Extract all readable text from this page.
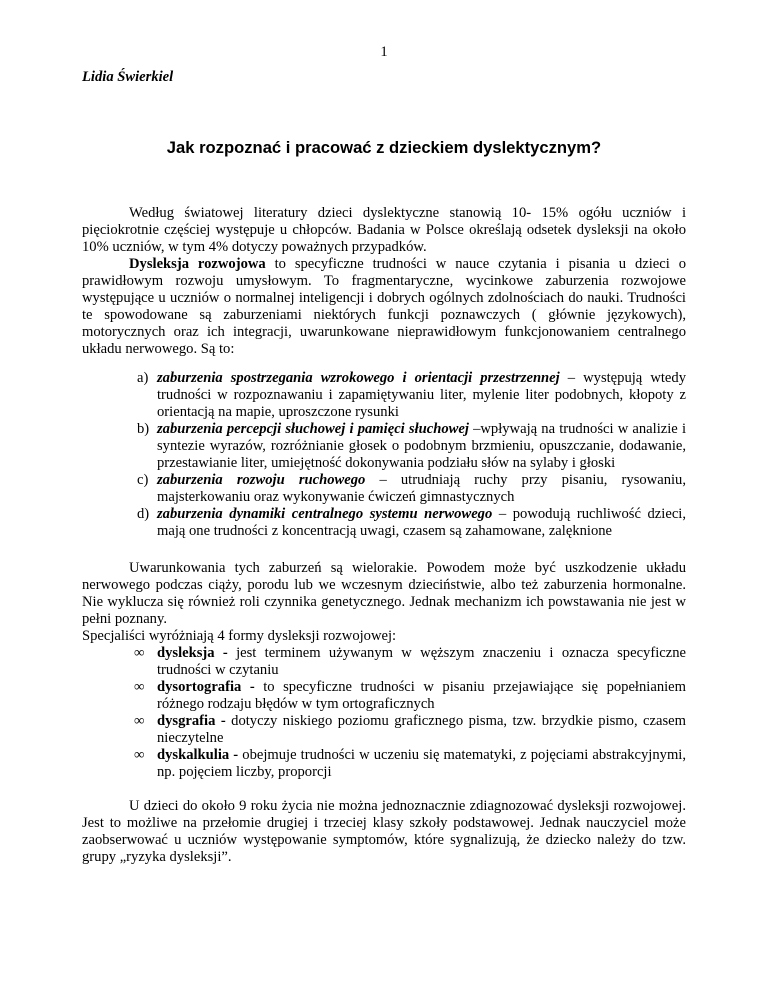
1
Lidia Świerkiel
Jak rozpoznać i pracować z dzieckiem dyslektycznym?

Według światowej literatury dzieci dyslektyczne stanowią 10- 15% ogółu uczniów i pięciokrotnie częściej występuje u chłopców. Badania w Polsce określają odsetek dysleksji na około 10% uczniów, w tym 4% dotyczy poważnych przypadków.

Dysleksja rozwojowa to specyficzne trudności w nauce czytania i pisania u dzieci o prawidłowym rozwoju umysłowym. To fragmentaryczne, wycinkowe zaburzenia rozwojowe występujące u uczniów o normalnej inteligencji i dobrych ogólnych zdolnościach do nauki. Trudności te spowodowane są zaburzeniami niektórych funkcji poznawczych ( głównie językowych), motorycznych oraz ich integracji, uwarunkowane nieprawidłowym funkcjonowaniem centralnego układu nerwowego. Są to:

a) zaburzenia spostrzegania wzrokowego i orientacji przestrzennej – występują wtedy trudności w rozpoznawaniu i zapamiętywaniu liter, mylenie liter podobnych, kłopoty z orientacją na mapie, uproszczone rysunki
b) zaburzenia percepcji słuchowej i pamięci słuchowej –wpływają na trudności w analizie i syntezie wyrazów, rozróżnianie głosek o podobnym brzmieniu, opuszczanie, dodawanie, przestawianie liter, umiejętność dokonywania podziału słów na sylaby i głoski
c) zaburzenia rozwoju ruchowego – utrudniają ruchy przy pisaniu, rysowaniu, majsterkowaniu oraz wykonywanie ćwiczeń gimnastycznych
d) zaburzenia dynamiki centralnego systemu nerwowego – powodują ruchliwość dzieci, mają one trudności z koncentracją uwagi, czasem są zahamowane, zalęknione

Uwarunkowania tych zaburzeń są wielorakie. Powodem może być uszkodzenie układu nerwowego podczas ciąży, porodu lub we wczesnym dzieciństwie, albo też zaburzenia hormonalne. Nie wyklucza się również roli czynnika genetycznego. Jednak mechanizm ich powstawania nie jest w pełni poznany.

Specjaliści wyróżniają 4 formy dysleksji rozwojowej:

∞ dysleksja - jest terminem używanym w węższym znaczeniu i oznacza specyficzne trudności w czytaniu
∞ dysortografia - to specyficzne trudności w pisaniu przejawiające się popełnianiem różnego rodzaju błędów w tym ortograficznych
∞ dysgrafia - dotyczy niskiego poziomu graficznego pisma, tzw. brzydkie pismo, czasem nieczytelne
∞ dyskalkulia - obejmuje trudności w uczeniu się matematyki, z pojęciami abstrakcyjnymi, np. pojęciem liczby, proporcji

U dzieci do około 9 roku życia nie można jednoznacznie zdiagnozować dysleksji rozwojowej. Jest to możliwe na przełomie drugiej i trzeciej klasy szkoły podstawowej. Jednak nauczyciel może zaobserwować u uczniów występowanie symptomów, które sygnalizują, że dziecko należy do tzw. grupy „ryzyka dysleksji”.
